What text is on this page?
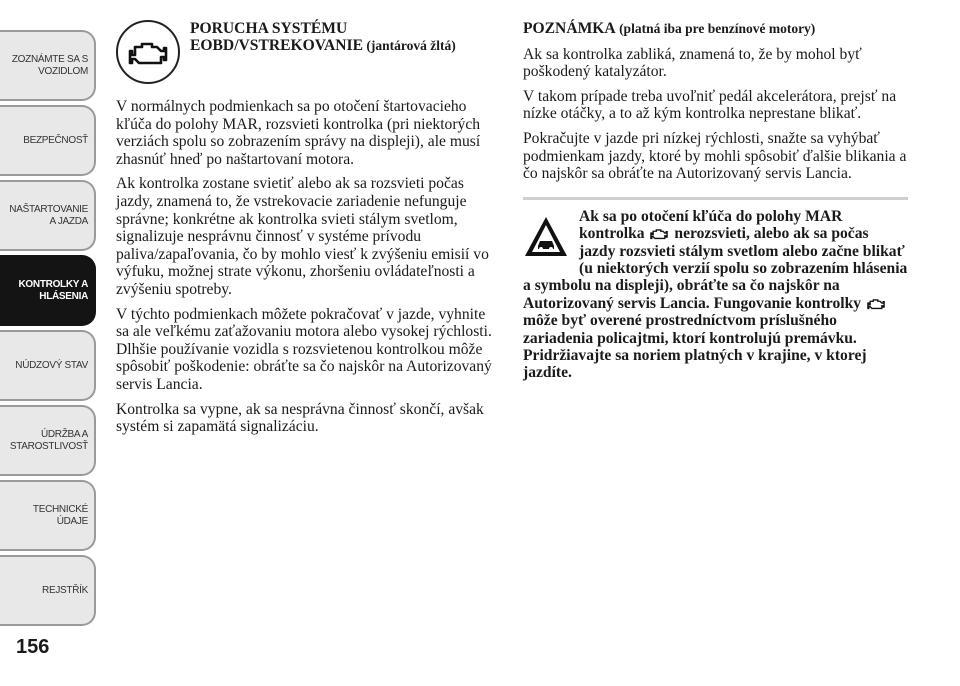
ZOZNÁMTE SA S
VOZIDLOM
BEZPEČNOSŤ
NAŠTARTOVANIE
A JAZDA
KONTROLKY A
HLÁSENIA
NÚDZOVÝ STAV
ÚDRŽBA A
STAROSTLIVOSŤ
TECHNICKÉ
ÚDAJE
REJSTŘÍK
156
PORUCHA SYSTÉMU EOBD/VSTREKOVANIE (jantárová žltá)

V normálnych podmienkach sa po otočení štartovacieho kľúča do polohy MAR, rozsvieti kontrolka (pri niektorých verziách spolu so zobrazením správy na displeji), ale musí zhasnúť hneď po naštartovaní motora.

Ak kontrolka zostane svietiť alebo ak sa rozsvieti počas jazdy, znamená to, že vstrekovacie zariadenie nefunguje správne; konkrétne ak kontrolka svieti stálym svetlom, signalizuje nesprávnu činnosť v systéme prívodu paliva/zapaľovania, čo by mohlo viesť k zvýšeniu emisií vo výfuku, možnej strate výkonu, zhoršeniu ovládateľnosti a zvýšeniu spotreby.

V týchto podmienkach môžete pokračovať v jazde, vyhnite sa ale veľkému zaťažovaniu motora alebo vysokej rýchlosti. Dlhšie používanie vozidla s rozsvietenou kontrolkou môže spôsobiť poškodenie: obráťte sa čo najskôr na Autorizovaný servis Lancia.

Kontrolka sa vypne, ak sa nesprávna činnosť skončí, avšak systém si zapamätá signalizáciu.

POZNÁMKA (platná iba pre benzínové motory)

Ak sa kontrolka zabliká, znamená to, že by mohol byť poškodený katalyzátor.

V takom prípade treba uvoľniť pedál akcelerátora, prejsť na nízke otáčky, a to až kým kontrolka neprestane blikať.

Pokračujte v jazde pri nízkej rýchlosti, snažte sa vyhýbať podmienkam jazdy, ktoré by mohli spôsobiť ďalšie blikania a čo najskôr sa obráťte na Autorizovaný servis Lancia.

Ak sa po otočení kľúča do polohy MAR kontrolka nerozsvieti, alebo ak sa počas jazdy rozsvieti stálym svetlom alebo začne blikať (u niektorých verzií spolu so zobrazením hlásenia a symbolu na displeji), obráťte sa čo najskôr na Autorizovaný servis Lancia. Fungovanie kontrolky  môže byť overené prostredníctvom príslušného zariadenia policajtmi, ktorí kontrolujú premávku. Pridržiavajte sa noriem platných v krajine, v ktorej jazdíte.
